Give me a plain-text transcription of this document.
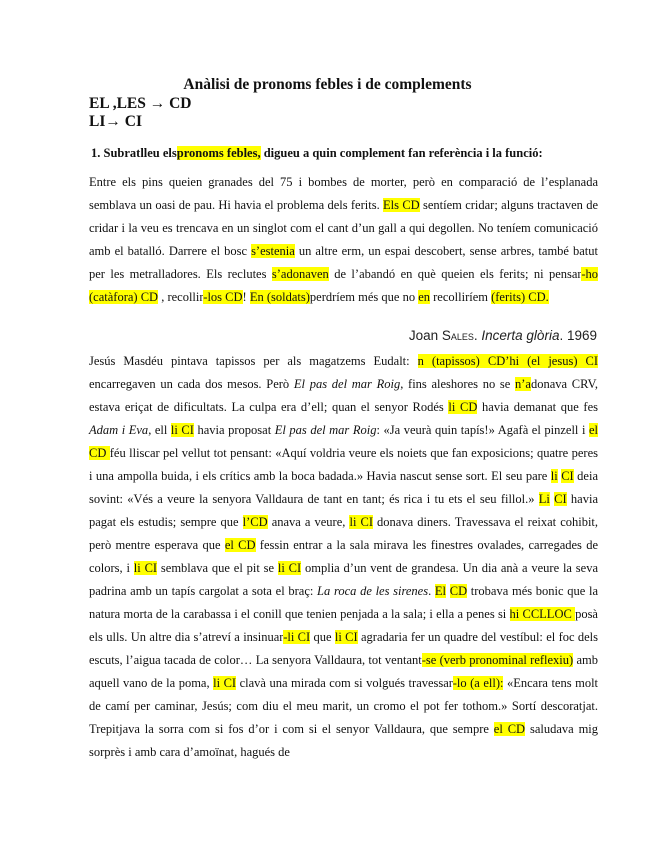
Anàlisi de pronoms febles i de complements
EL ,LES → CD
LI→ CI
1. Subratlleu elspronoms febles, digueu a quin complement fan referència i la funció:

Entre els pins queien granades del 75 i bombes de morter, però en comparació de l’esplanada semblava un oasi de pau. Hi havia el problema dels ferits. Els CD sentíem cridar; alguns tractaven de cridar i la veu es trencava en un singlot com el cant d’un gall a qui degollen. No teníem comunicació amb el batalló. Darrere el bosc s’estenia un altre erm, un espai descobert, sense arbres, també batut per les metralladores. Els reclutes s’adonaven de l’abandó en què queien els ferits; ni pensar-ho (catàfora) CD , recollir-los CD! En (soldats)perdríem més que no en recolliríem (ferits) CD.

Joan Sales. Incerta glòria. 1969

Jesús Masdéu pintava tapissos per als magatzems Eudalt: n (tapissos) CD’hi (el jesus) CI encarregaven un cada dos mesos. Però El pas del mar Roig, fins aleshores no se n’adonava CRV, estava eriçat de dificultats. La culpa era d’ell; quan el senyor Rodés li CD havia demanat que fes Adam i Eva, ell li CI havia proposat El pas del mar Roig: «Ja veurà quin tapís!» Agafà el pinzell i el CD féu lliscar pel vellut tot pensant: «Aquí voldria veure els noiets que fan exposicions; quatre peres i una ampolla buida, i els crítics amb la boca badada.» Havia nascut sense sort. El seu pare li CI deia sovint: «Vés a veure la senyora Valldaura de tant en tant; és rica i tu ets el seu fillol.» Li CI havia pagat els estudis; sempre que l’CD anava a veure, li CI donava diners. Travessava el reixat cohibit, però mentre esperava que el CD fessin entrar a la sala mirava les finestres ovalades, carregades de colors, i li CI semblava que el pit se li CI omplia d’un vent de grandesa. Un dia anà a veure la seva padrina amb un tapís cargolat a sota el braç: La roca de les sirenes. El CD trobava més bonic que la natura morta de la carabassa i el conill que tenien penjada a la sala; i ella a penes si hi CCLLOC posà els ulls. Un altre dia s’atreví a insinuar-li CI que li CI agradaria fer un quadre del vestíbul: el foc dels escuts, l’aigua tacada de color… La senyora Valldaura, tot ventant-se (verb pronominal reflexiu) amb aquell vano de la poma, li CI clavà una mirada com si volgués travessar-lo (a ell): «Encara tens molt de camí per caminar, Jesús; com diu el meu marit, un cromo el pot fer tothom.» Sortí descoratjat. Trepitjava la sorra com si fos d’or i com si el senyor Valldaura, que sempre el CD saludava mig sorprès i amb cara d’amoïnat, hagués de
